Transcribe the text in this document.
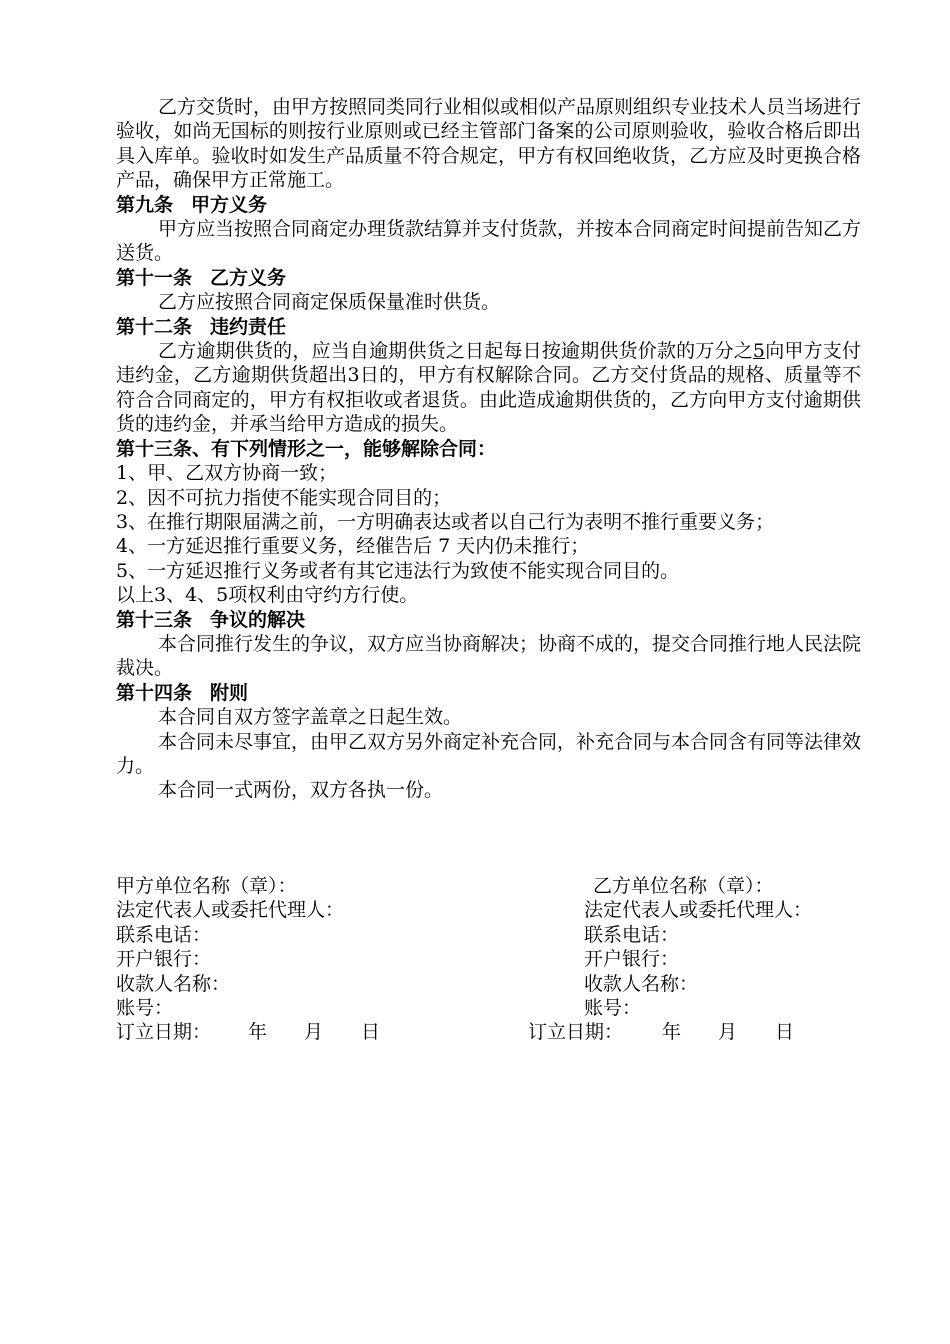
乙方交货时，由甲方按照同类同行业相似或相似产品原则组织专业技术人员当场进行验收，如尚无国标的则按行业原则或已经主管部门备案的公司原则验收，验收合格后即出具入库单。验收时如发生产品质量不符合规定，甲方有权回绝收货，乙方应及时更换合格产品，确保甲方正常施工。

第九条 甲方义务

甲方应当按照合同商定办理货款结算并支付货款，并按本合同商定时间提前告知乙方送货。

第十一条 乙方义务

乙方应按照合同商定保质保量准时供货。

第十二条 违约责任

乙方逾期供货的，应当自逾期供货之日起每日按逾期供货价款的万分之5向甲方支付违约金，乙方逾期供货超出3日的，甲方有权解除合同。乙方交付货品的规格、质量等不符合合同商定的，甲方有权拒收或者退货。由此造成逾期供货的，乙方向甲方支付逾期供货的违约金，并承当给甲方造成的损失。

第十三条、有下列情形之一，能够解除合同：

1、甲、乙双方协商一致；

2、因不可抗力指使不能实现合同目的；

3、在推行期限届满之前，一方明确表达或者以自己行为表明不推行重要义务；

4、一方延迟推行重要义务，经催告后 7 天内仍未推行；

5、一方延迟推行义务或者有其它违法行为致使不能实现合同目的。

以上3、4、5项权利由守约方行使。

第十三条 争议的解决

本合同推行发生的争议，双方应当协商解决；协商不成的，提交合同推行地人民法院裁决。

第十四条 附则

本合同自双方签字盖章之日起生效。

本合同未尽事宜，由甲乙双方另外商定补充合同，补充合同与本合同含有同等法律效力。

本合同一式两份，双方各执一份。

甲方单位名称（章）：	乙方单位名称（章）：
法定代表人或委托代理人：	法定代表人或委托代理人：
联系电话：	联系电话：
开户银行：	开户银行：
收款人名称：	收款人名称：
账号：	账号：
订立日期： 年 月 日	订立日期： 年 月 日
